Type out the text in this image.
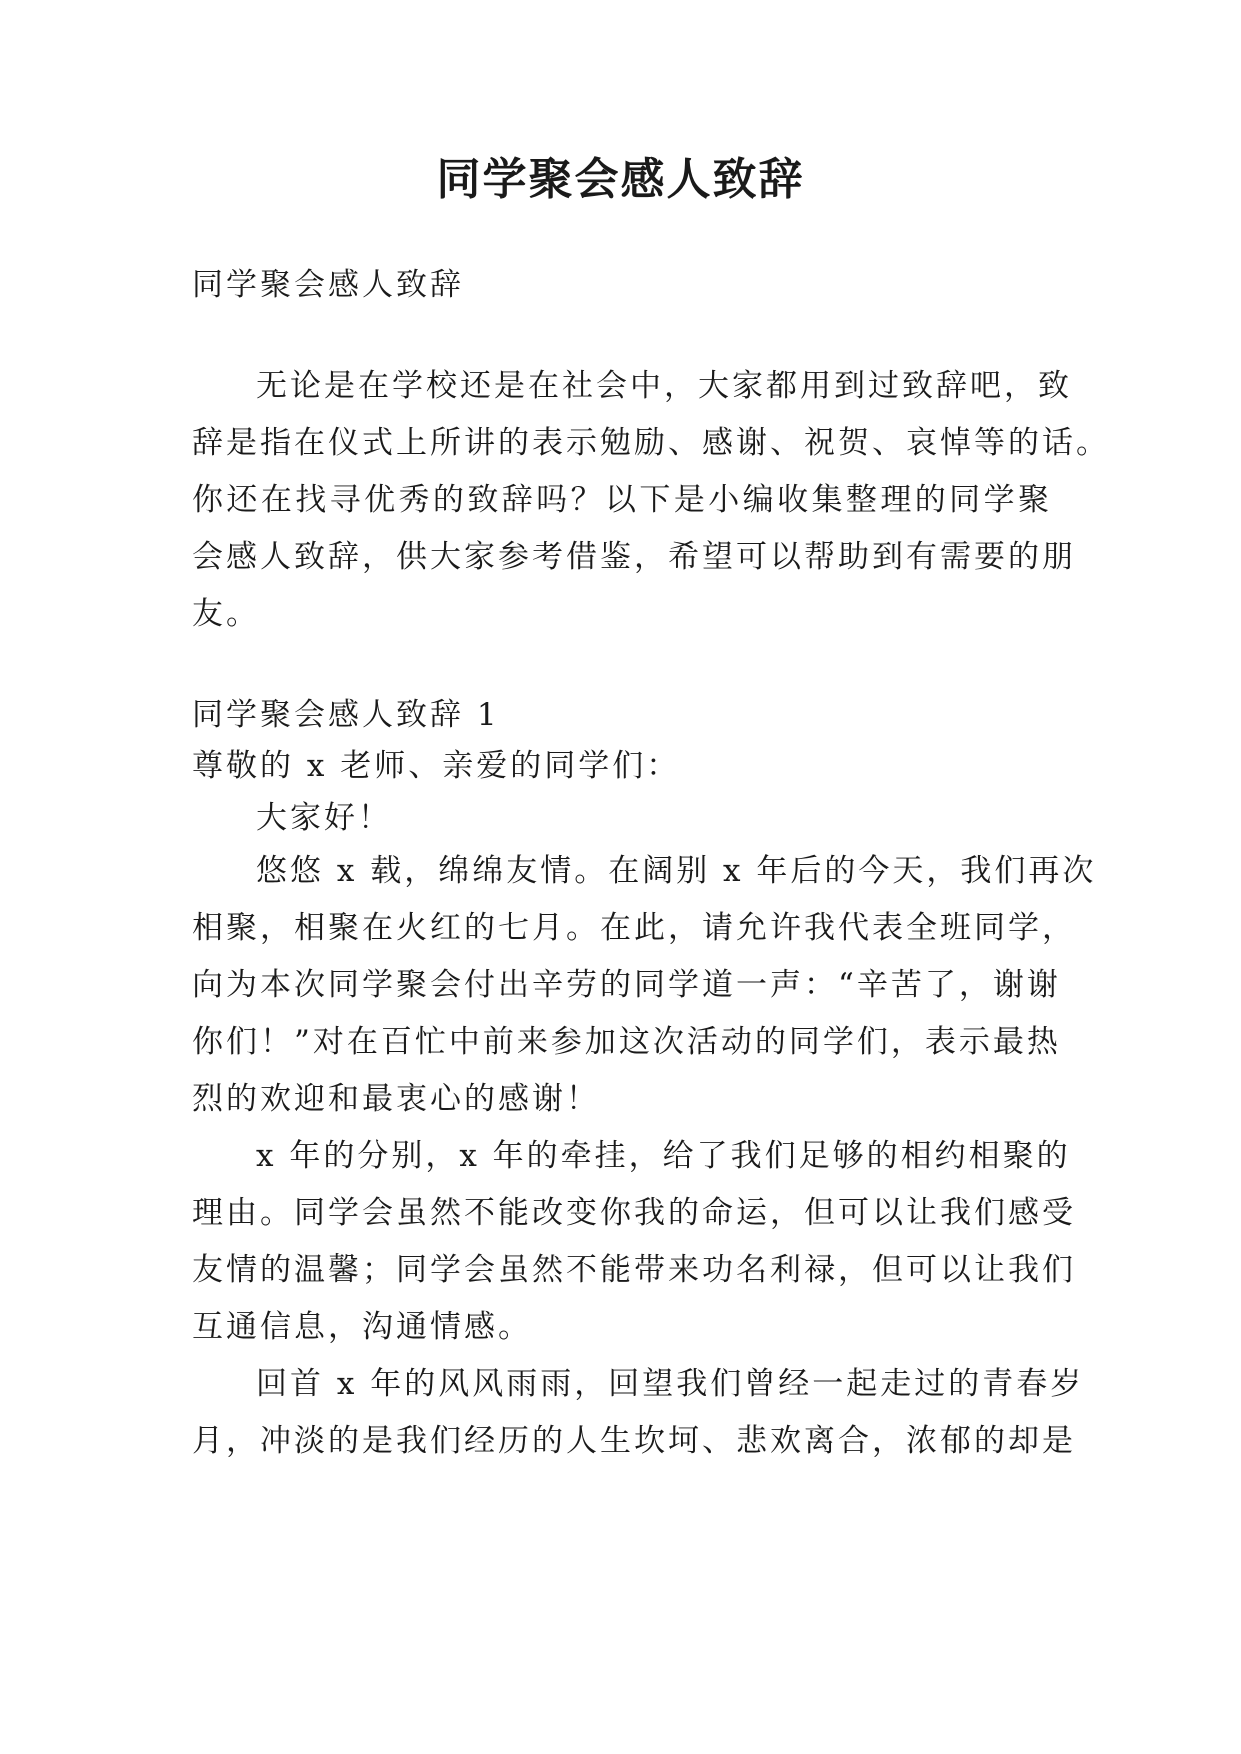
同学聚会感人致辞
同学聚会感人致辞
无论是在学校还是在社会中，大家都用到过致辞吧，致
辞是指在仪式上所讲的表示勉励、感谢、祝贺、哀悼等的话。
你还在找寻优秀的致辞吗？以下是小编收集整理的同学聚
会感人致辞，供大家参考借鉴，希望可以帮助到有需要的朋
友。
同学聚会感人致辞 1
尊敬的 x 老师、亲爱的同学们：
大家好！
悠悠 x 载，绵绵友情。在阔别 x 年后的今天，我们再次
相聚，相聚在火红的七月。在此，请允许我代表全班同学，
向为本次同学聚会付出辛劳的同学道一声：“辛苦了，谢谢
你们！”对在百忙中前来参加这次活动的同学们，表示最热
烈的欢迎和最衷心的感谢！
x 年的分别，x 年的牵挂，给了我们足够的相约相聚的
理由。同学会虽然不能改变你我的命运，但可以让我们感受
友情的温馨；同学会虽然不能带来功名利禄，但可以让我们
互通信息，沟通情感。
回首 x 年的风风雨雨，回望我们曾经一起走过的青春岁
月，冲淡的是我们经历的人生坎坷、悲欢离合，浓郁的却是
